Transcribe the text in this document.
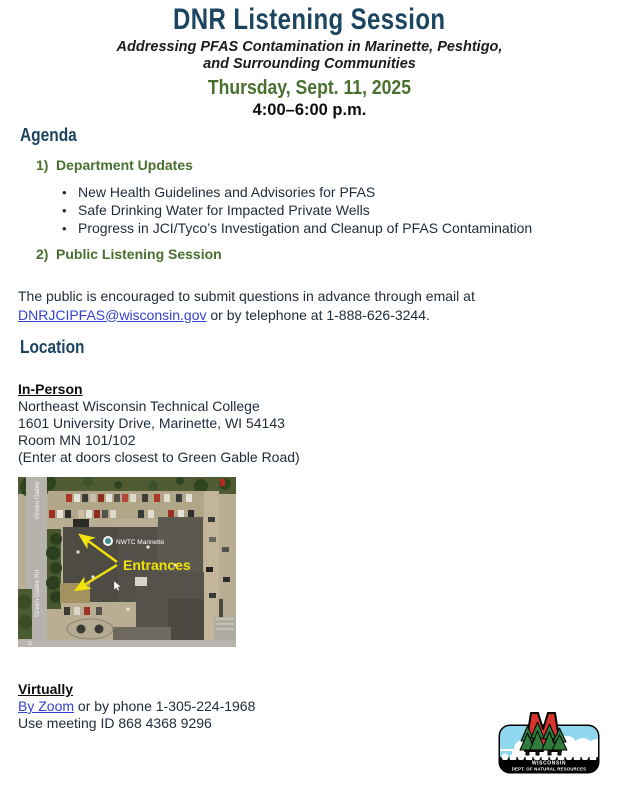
DNR Listening Session
Addressing PFAS Contamination in Marinette, Peshtigo,
and Surrounding Communities
Thursday, Sept. 11, 2025
4:00–6:00 p.m.
Agenda
1) Department Updates
• New Health Guidelines and Advisories for PFAS
• Safe Drinking Water for Impacted Private Wells
• Progress in JCI/Tyco’s Investigation and Cleanup of PFAS Contamination
2) Public Listening Session

The public is encouraged to submit questions in advance through email at DNRJCIPFAS@wisconsin.gov or by telephone at 1-888-626-3244.

Location
In-Person
Northeast Wisconsin Technical College
1601 University Drive, Marinette, WI 54143
Room MN 101/102
(Enter at doors closest to Green Gable Road)
Green Gable
Green Gable Rd
d
NWTC Marinette
Entrances
Virtually
By Zoom or by phone 1-305-224-1968
Use meeting ID 868 4368 9296
WISCONSIN
DEPT. OF NATURAL RESOURCES
